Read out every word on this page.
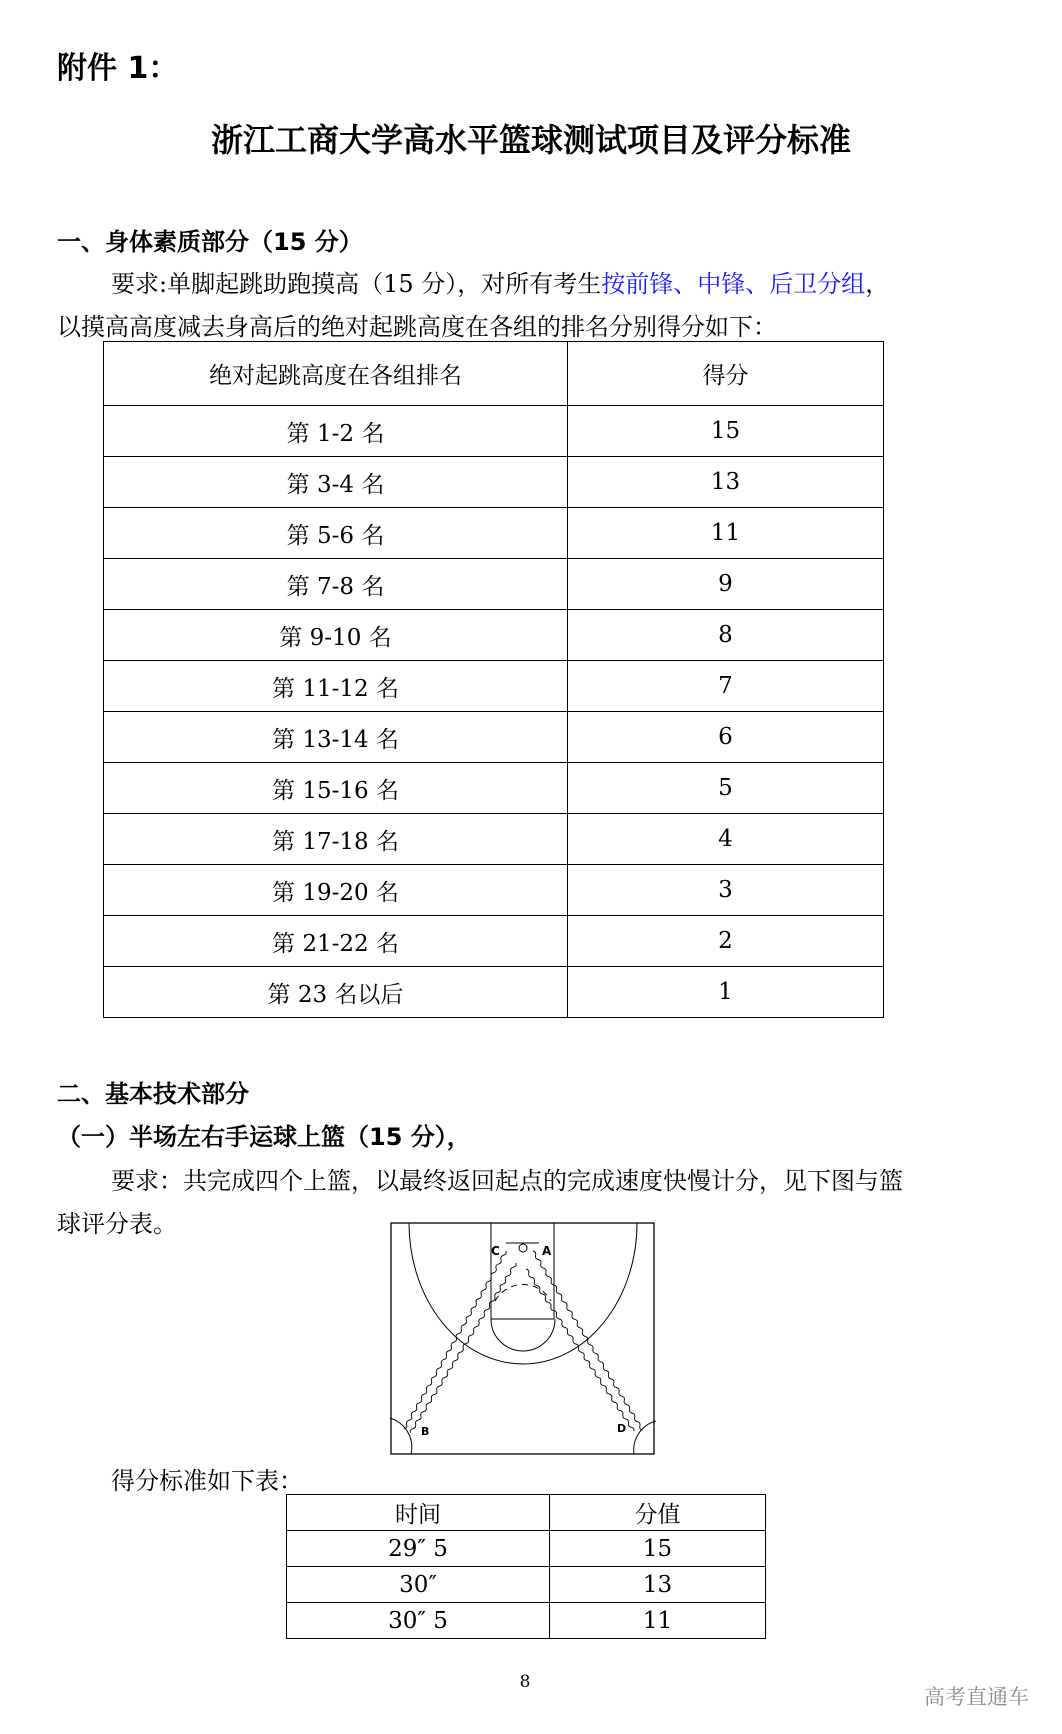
附件 1：
浙江工商大学高水平篮球测试项目及评分标准
一、身体素质部分（15 分）
要求:单脚起跳助跑摸高（15 分），对所有考生按前锋、中锋、后卫分组，
以摸高高度减去身高后的绝对起跳高度在各组的排名分别得分如下：
绝对起跳高度在各组排名	得分
第 1-2 名	15
第 3-4 名	13
第 5-6 名	11
第 7-8 名	9
第 9-10 名	8
第 11-12 名	7
第 13-14 名	6
第 15-16 名	5
第 17-18 名	4
第 19-20 名	3
第 21-22 名	2
第 23 名以后	1
二、基本技术部分
（一）半场左右手运球上篮（15 分），
要求：共完成四个上篮，以最终返回起点的完成速度快慢计分，见下图与篮
球评分表。
C	A
B	D
得分标准如下表：
时间	分值
29″ 5	15
30″	13
30″ 5	11
8
高考直通车
